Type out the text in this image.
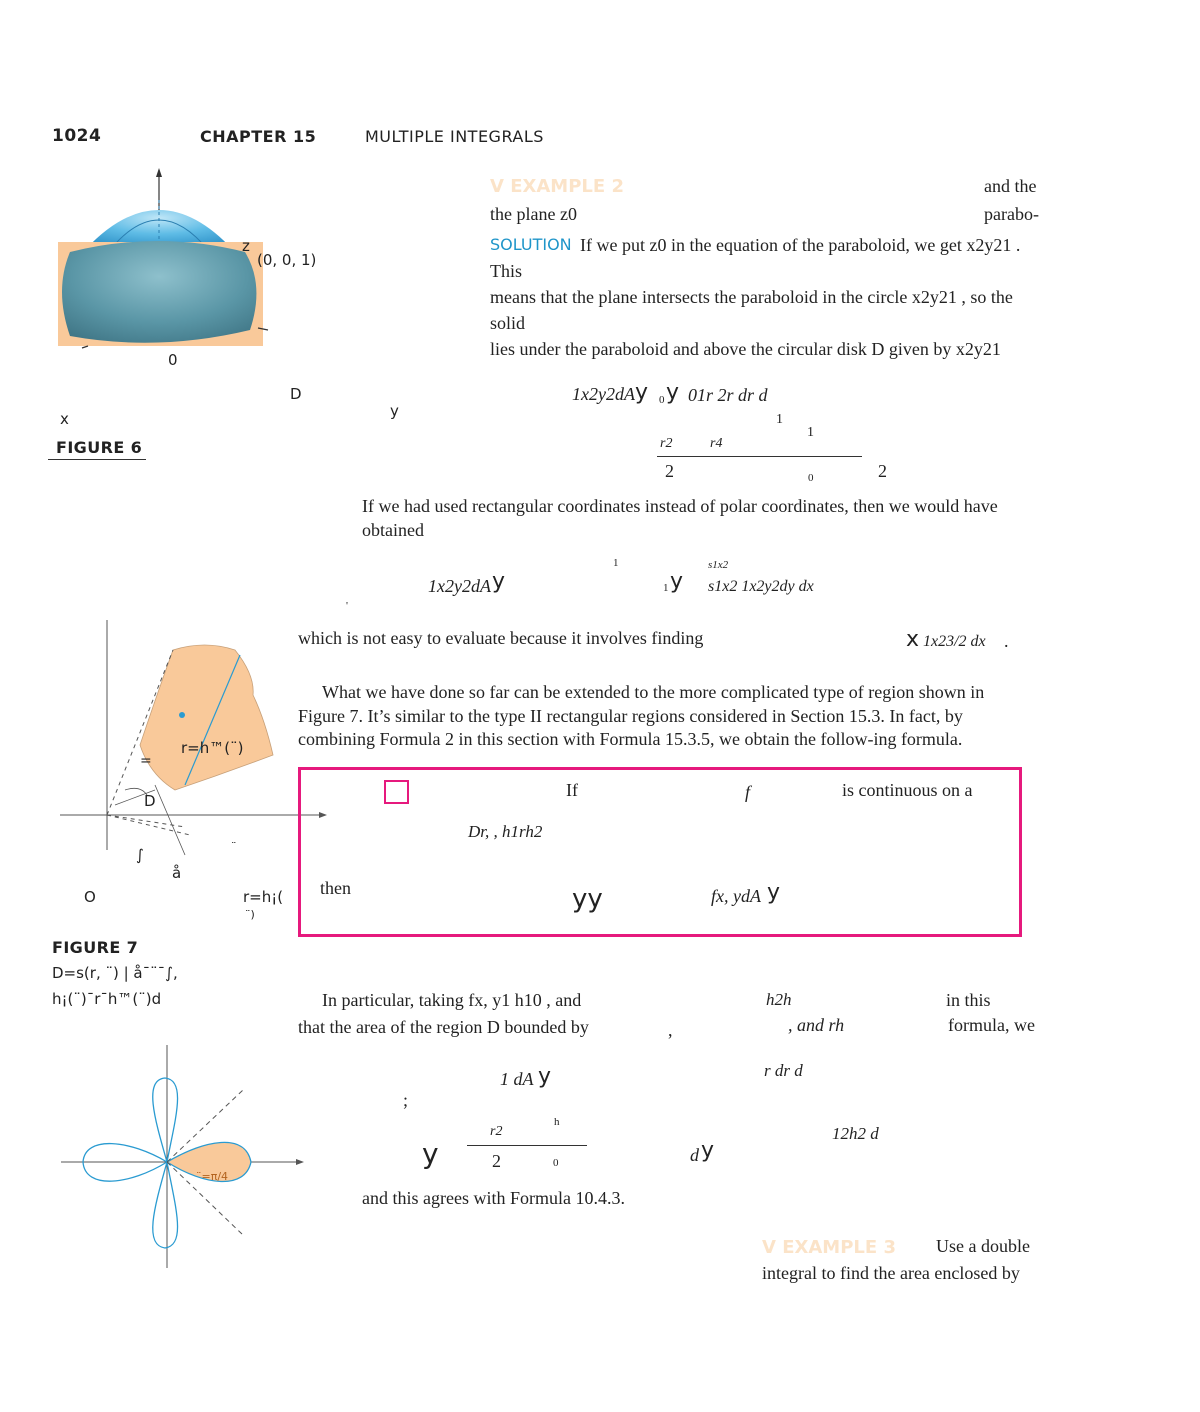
1024	CHAPTER 15	MULTIPLE INTEGRALS
z
(0, 0, 1)
0
D
y
x
FIGURE 6
V EXAMPLE 2	and the
the plane z0	parabo-
SOLUTION If we put z0 in the equation of the paraboloid, we get x2y21 .
This
means that the plane intersects the paraboloid in the circle x2y21 , so the
solid
lies under the paraboloid and above the circular disk D given by x2y21
1x2y2dA y 0 y 01r 2r dr d
1
1
r2	r4
2	0	2
If we had used rectangular coordinates instead of polar coordinates, then we would have
obtained
1x2y2dA y
1
1 y
s1x2
s1x2 1x2y2dy dx
'
which is not easy to evaluate because it involves finding	x 1x23/2 dx .
What we have done so far can be extended to the more complicated type of region shown in
Figure 7. It’s similar to the type II rectangular regions considered in Section 15.3. In fact, by
combining Formula 2 in this section with Formula 15.3.5, we obtain the follow-ing formula.
=
r=h™(¨)
D
∫	¨
å
O	r=h¡(
¨)
FIGURE 7
D=s(r, ¨) | å¯¨¯∫,
h¡(¨)¯r¯h™(¨)d
If	f	is continuous on a
Dr, , h1rh2
then	yy	fx, ydA y
In particular, taking fx, y1 h10 , and	h2h	in this
that the area of the region D bounded by	,	, and rh	formula, we
1 dA y	r dr d
;
y
r2
h
2	0	d y
12h2 d
and this agrees with Formula 10.4.3.
¨=π/4
V EXAMPLE 3 Use a double
integral to find the area enclosed by
